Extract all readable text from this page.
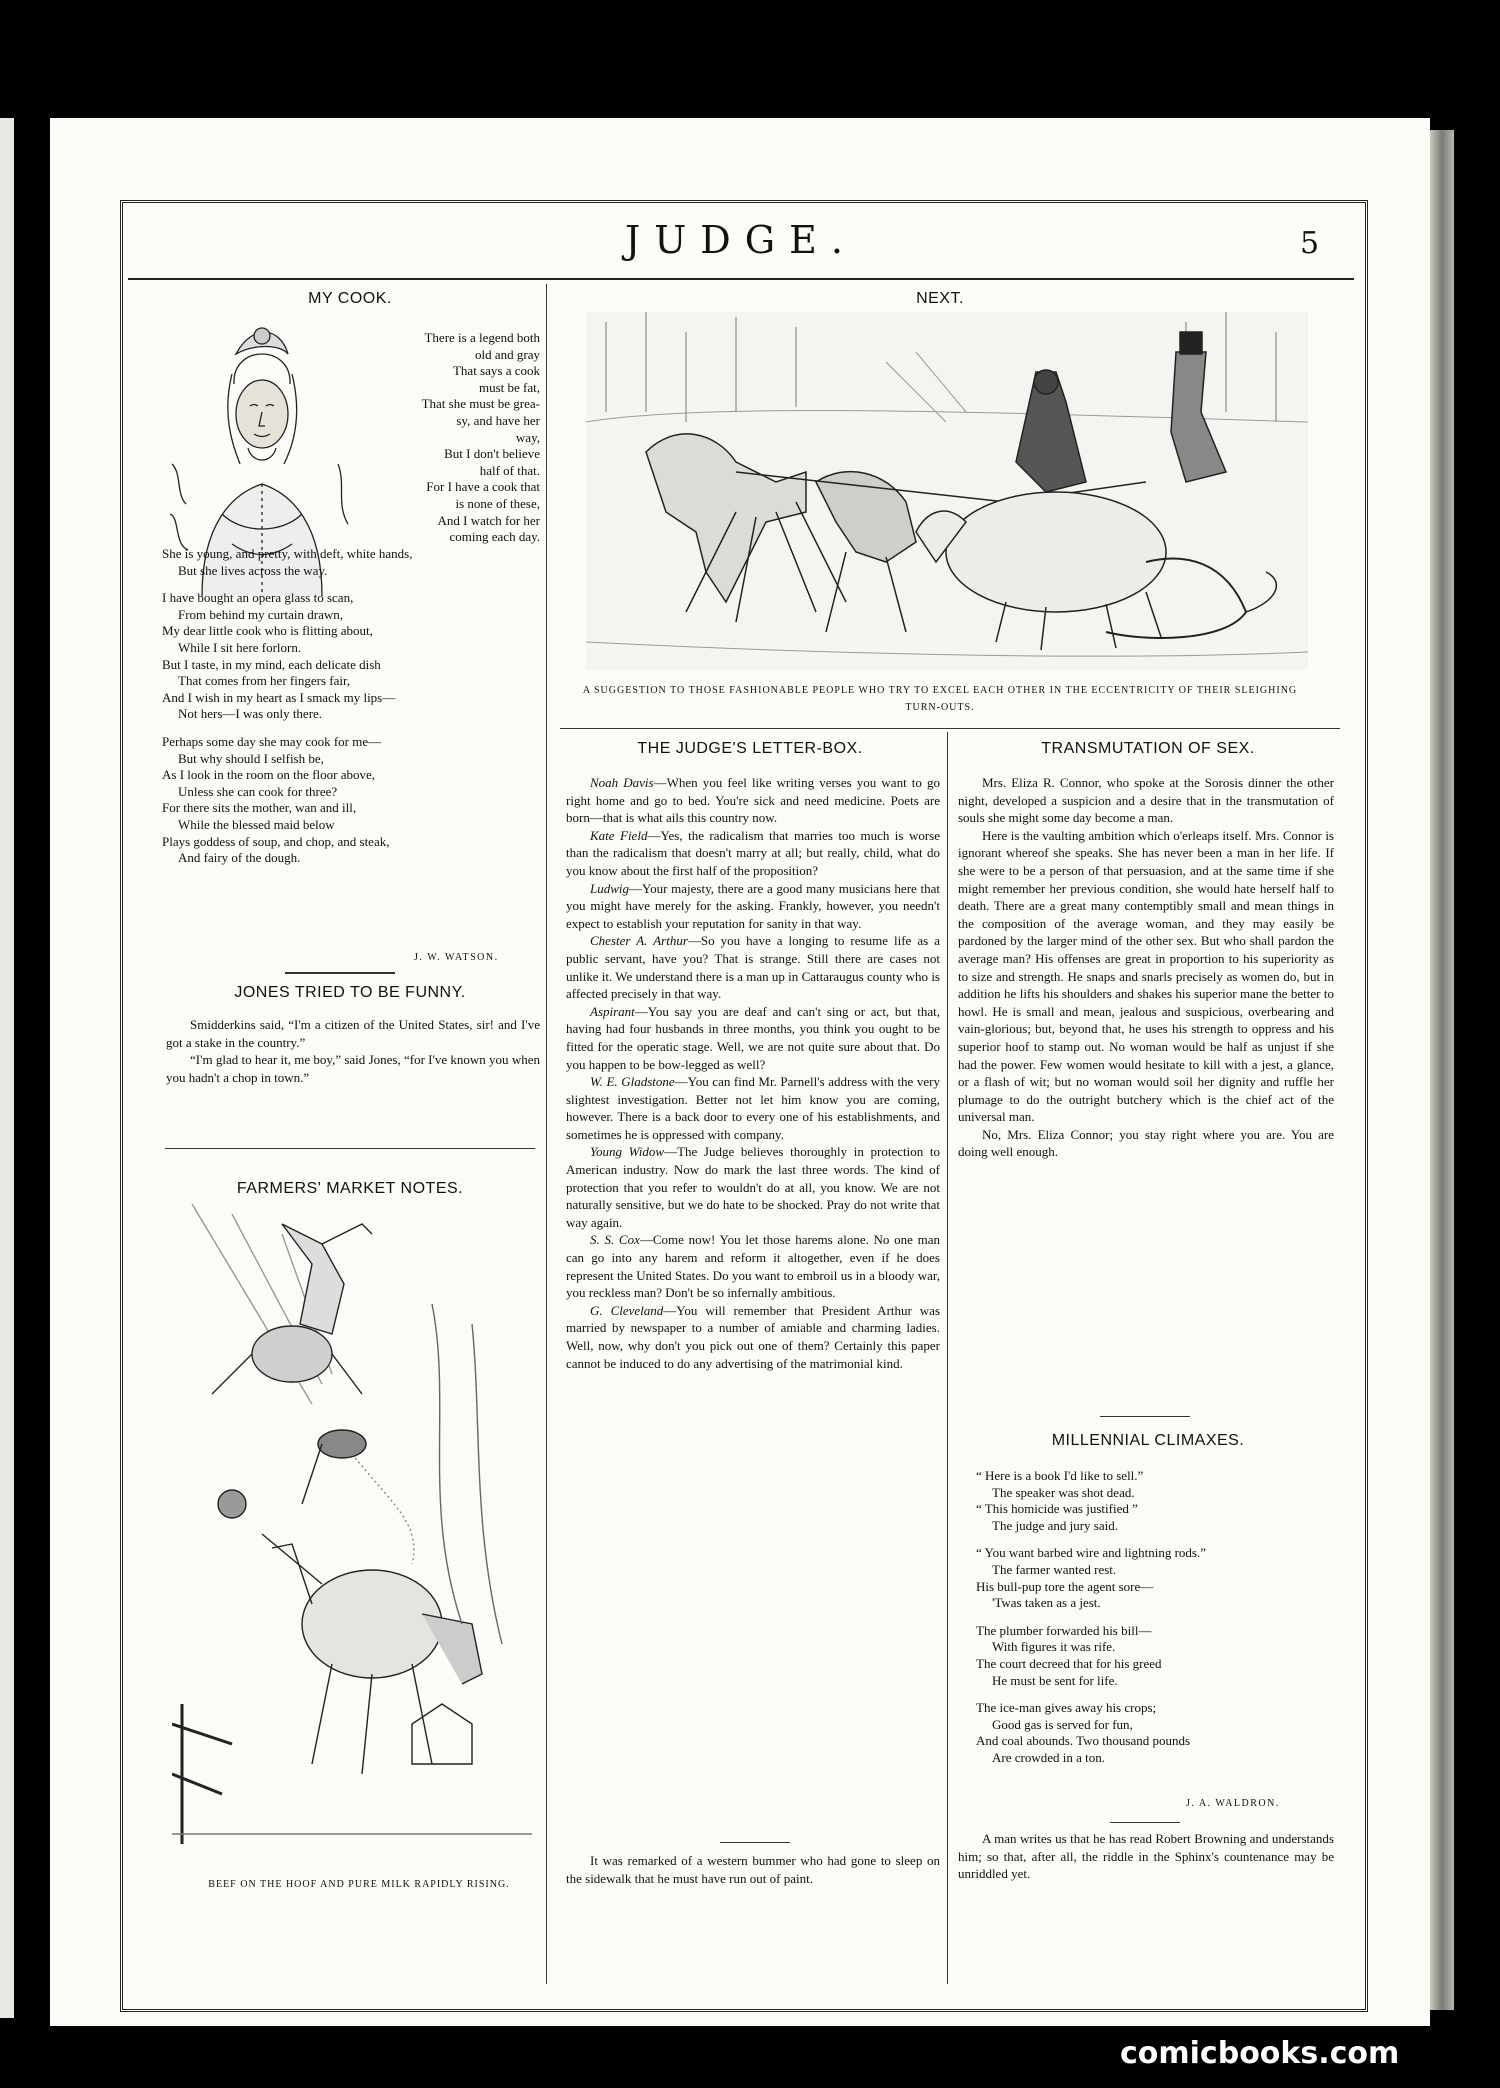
JUDGE.	5
MY COOK.
There is a legend both
old and gray
That says a cook
must be fat,
That she must be grea-
sy, and have her
way,
But I don't believe
half of that.
For I have a cook that
is none of these,
And I watch for her
coming each day.
She is young, and pretty, with deft, white hands,
But she lives across the way.
I have bought an opera glass to scan,
From behind my curtain drawn,
My dear little cook who is flitting about,
While I sit here forlorn.
But I taste, in my mind, each delicate dish
That comes from her fingers fair,
And I wish in my heart as I smack my lips—
Not hers—I was only there.
Perhaps some day she may cook for me—
But why should I selfish be,
As I look in the room on the floor above,
Unless she can cook for three?
For there sits the mother, wan and ill,
While the blessed maid below
Plays goddess of soup, and chop, and steak,
And fairy of the dough.
J. W. WATSON.
JONES TRIED TO BE FUNNY.

Smidderkins said, “I'm a citizen of the United States, sir! and I've got a stake in the country.”

“I'm glad to hear it, me boy,” said Jones, “for I've known you when you hadn't a chop in town.”

FARMERS' MARKET NOTES.
BEEF ON THE HOOF AND PURE MILK RAPIDLY RISING.
NEXT.
A SUGGESTION TO THOSE FASHIONABLE PEOPLE WHO TRY TO EXCEL EACH OTHER IN THE ECCENTRICITY OF THEIR SLEIGHING TURN-OUTS.
THE JUDGE'S LETTER-BOX.

Noah Davis—When you feel like writing verses you want to go right home and go to bed. You're sick and need medicine. Poets are born—that is what ails this country now.

Kate Field—Yes, the radicalism that marries too much is worse than the radicalism that doesn't marry at all; but really, child, what do you know about the first half of the proposition?

Ludwig—Your majesty, there are a good many musicians here that you might have merely for the asking. Frankly, however, you needn't expect to establish your reputation for sanity in that way.

Chester A. Arthur—So you have a longing to resume life as a public servant, have you? That is strange. Still there are cases not unlike it. We understand there is a man up in Cattaraugus county who is affected precisely in that way.

Aspirant—You say you are deaf and can't sing or act, but that, having had four husbands in three months, you think you ought to be fitted for the operatic stage. Well, we are not quite sure about that. Do you happen to be bow-legged as well?

W. E. Gladstone—You can find Mr. Parnell's address with the very slightest investigation. Better not let him know you are coming, however. There is a back door to every one of his establishments, and sometimes he is oppressed with company.

Young Widow—The Judge believes thoroughly in protection to American industry. Now do mark the last three words. The kind of protection that you refer to wouldn't do at all, you know. We are not naturally sensitive, but we do hate to be shocked. Pray do not write that way again.

S. S. Cox—Come now! You let those harems alone. No one man can go into any harem and reform it altogether, even if he does represent the United States. Do you want to embroil us in a bloody war, you reckless man? Don't be so infernally ambitious.

G. Cleveland—You will remember that President Arthur was married by newspaper to a number of amiable and charming ladies. Well, now, why don't you pick out one of them? Certainly this paper cannot be induced to do any advertising of the matrimonial kind.

It was remarked of a western bummer who had gone to sleep on the sidewalk that he must have run out of paint.

TRANSMUTATION OF SEX.

Mrs. Eliza R. Connor, who spoke at the Sorosis dinner the other night, developed a suspicion and a desire that in the transmutation of souls she might some day become a man.

Here is the vaulting ambition which o'erleaps itself. Mrs. Connor is ignorant whereof she speaks. She has never been a man in her life. If she were to be a person of that persuasion, and at the same time if she might remember her previous condition, she would hate herself half to death. There are a great many contemptibly small and mean things in the composition of the average woman, and they may easily be pardoned by the larger mind of the other sex. But who shall pardon the average man? His offenses are great in proportion to his superiority as to size and strength. He snaps and snarls precisely as women do, but in addition he lifts his shoulders and shakes his superior mane the better to howl. He is small and mean, jealous and suspicious, overbearing and vain-glorious; but, beyond that, he uses his strength to oppress and his superior hoof to stamp out. No woman would be half as unjust if she had the power. Few women would hesitate to kill with a jest, a glance, or a flash of wit; but no woman would soil her dignity and ruffle her plumage to do the outright butchery which is the chief act of the universal man.

No, Mrs. Eliza Connor; you stay right where you are. You are doing well enough.

MILLENNIAL CLIMAXES.
“ Here is a book I'd like to sell.”
The speaker was shot dead.
“ This homicide was justified ”
The judge and jury said.
“ You want barbed wire and lightning rods.”
The farmer wanted rest.
His bull-pup tore the agent sore—
'Twas taken as a jest.
The plumber forwarded his bill—
With figures it was rife.
The court decreed that for his greed
He must be sent for life.
The ice-man gives away his crops;
Good gas is served for fun,
And coal abounds. Two thousand pounds
Are crowded in a ton.
J. A. WALDRON.

A man writes us that he has read Robert Browning and understands him; so that, after all, the riddle in the Sphinx's countenance may be unriddled yet.

comicbooks.com
